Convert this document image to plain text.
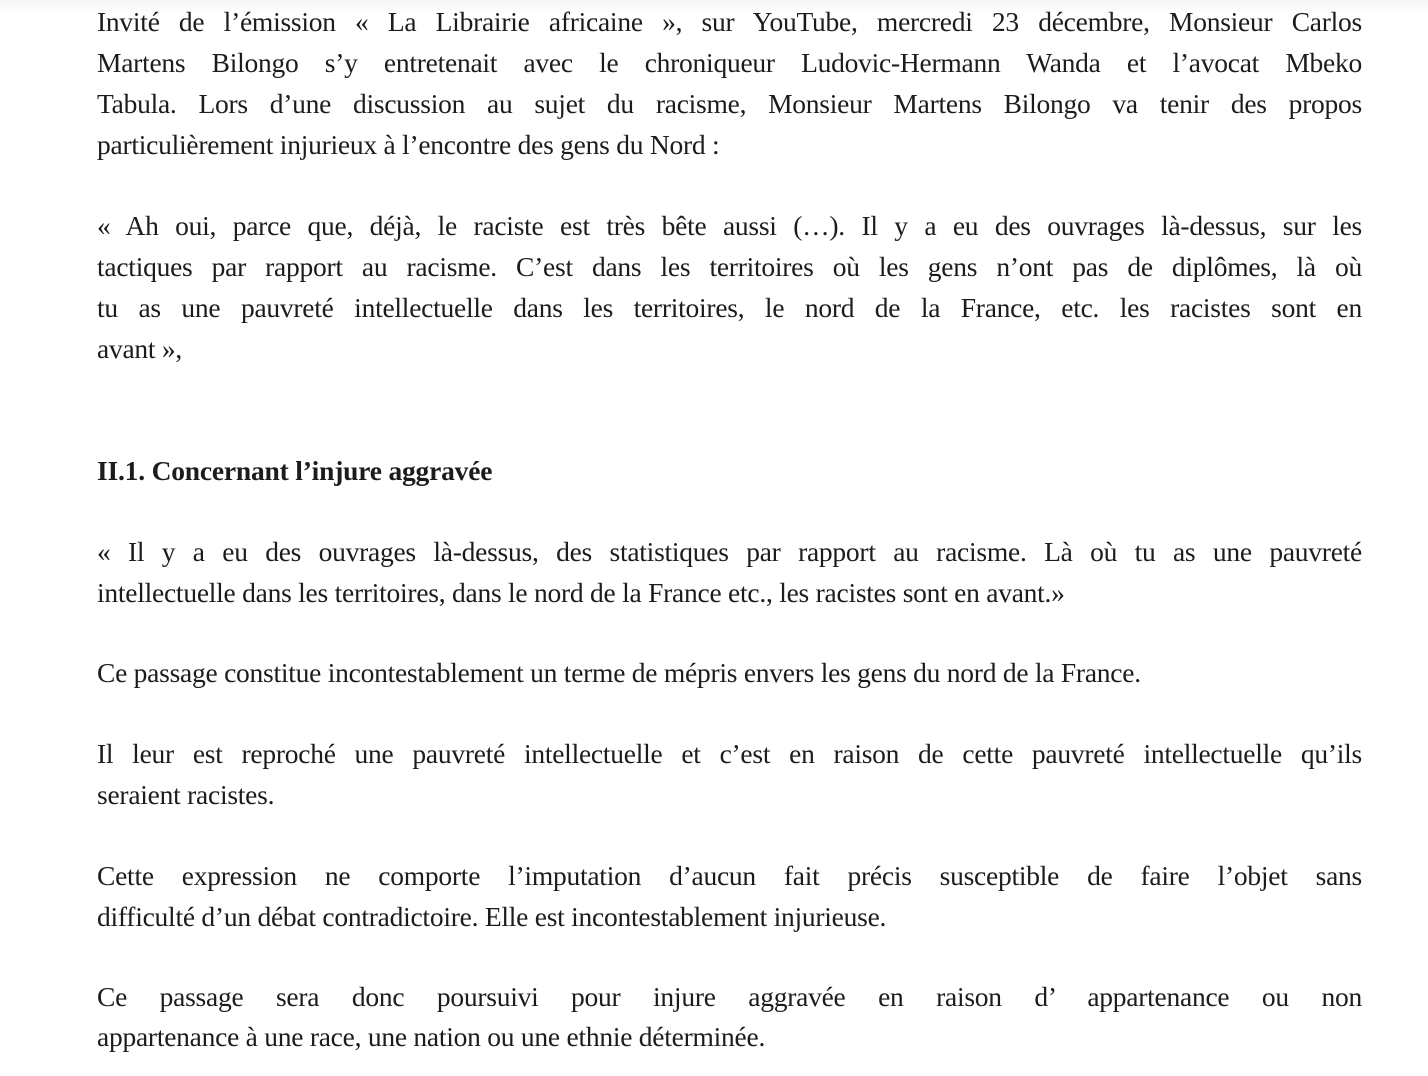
Invité de l’émission « La Librairie africaine », sur YouTube, mercredi 23 décembre, Monsieur Carlos
Martens Bilongo s’y entretenait avec le chroniqueur Ludovic-Hermann Wanda et l’avocat Mbeko
Tabula. Lors d’une discussion au sujet du racisme, Monsieur Martens Bilongo va tenir des propos
particulièrement injurieux à l’encontre des gens du Nord :
« Ah oui, parce que, déjà, le raciste est très bête aussi (…). Il y a eu des ouvrages là-dessus, sur les
tactiques par rapport au racisme. C’est dans les territoires où les gens n’ont pas de diplômes, là où
tu as une pauvreté intellectuelle dans les territoires, le nord de la France, etc. les racistes sont en
avant »,
II.1. Concernant l’injure aggravée
« Il y a eu des ouvrages là-dessus, des statistiques par rapport au racisme. Là où tu as une pauvreté
intellectuelle dans les territoires, dans le nord de la France etc., les racistes sont en avant.»
Ce passage constitue incontestablement un terme de mépris envers les gens du nord de la France.
Il leur est reproché une pauvreté intellectuelle et c’est en raison de cette pauvreté intellectuelle qu’ils
seraient racistes.
Cette expression ne comporte l’imputation d’aucun fait précis susceptible de faire l’objet sans
difficulté d’un débat contradictoire. Elle est incontestablement injurieuse.
Ce passage sera donc poursuivi pour injure aggravée en raison d’ appartenance ou non
appartenance à une race, une nation ou une ethnie déterminée.
